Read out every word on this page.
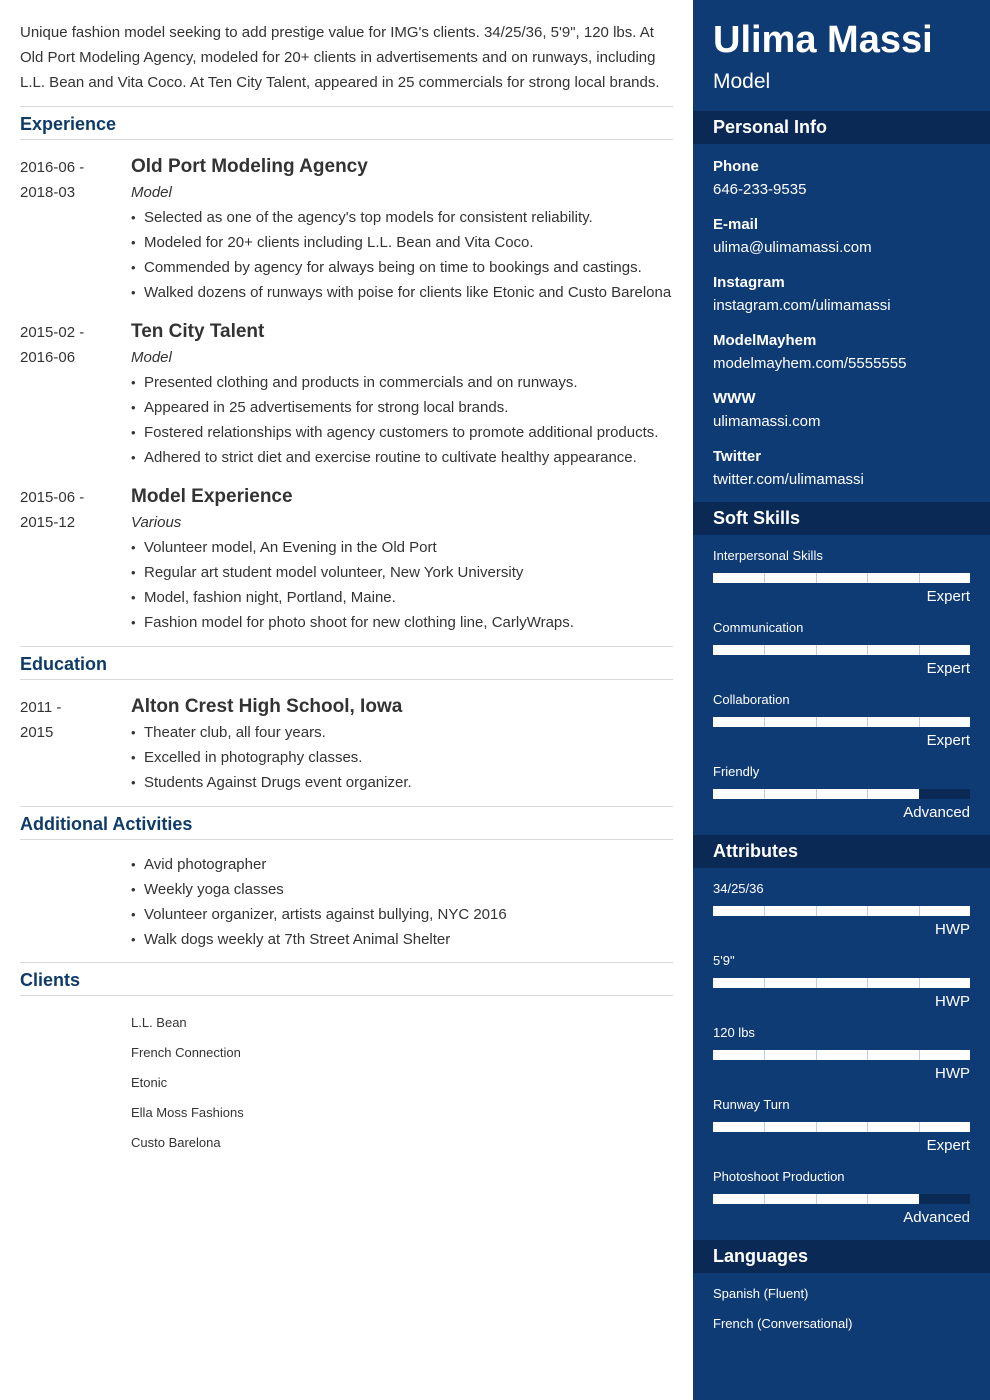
Unique fashion model seeking to add prestige value for IMG's clients. 34/25/36, 5'9", 120 lbs. At Old Port Modeling Agency, modeled for 20+ clients in advertisements and on runways, including L.L. Bean and Vita Coco. At Ten City Talent, appeared in 25 commercials for strong local brands.

Experience
2016-06 -
2018-03
Old Port Modeling Agency
Model
• Selected as one of the agency's top models for consistent reliability.
• Modeled for 20+ clients including L.L. Bean and Vita Coco.
• Commended by agency for always being on time to bookings and castings.
• Walked dozens of runways with poise for clients like Etonic and Custo Barelona
2015-02 -
2016-06
Ten City Talent
Model
• Presented clothing and products in commercials and on runways.
• Appeared in 25 advertisements for strong local brands.
• Fostered relationships with agency customers to promote additional products.
• Adhered to strict diet and exercise routine to cultivate healthy appearance.
2015-06 -
2015-12
Model Experience
Various
• Volunteer model, An Evening in the Old Port
• Regular art student model volunteer, New York University
• Model, fashion night, Portland, Maine.
• Fashion model for photo shoot for new clothing line, CarlyWraps.
Education
2011 -
2015
Alton Crest High School, Iowa
• Theater club, all four years.
• Excelled in photography classes.
• Students Against Drugs event organizer.
Additional Activities
• Avid photographer
• Weekly yoga classes
• Volunteer organizer, artists against bullying, NYC 2016
• Walk dogs weekly at 7th Street Animal Shelter
Clients
L.L. Bean
French Connection
Etonic
Ella Moss Fashions
Custo Barelona
Ulima Massi
Model
Personal Info
Phone
646-233-9535
E-mail
ulima@ulimamassi.com
Instagram
instagram.com/ulimamassi
ModelMayhem
modelmayhem.com/5555555
WWW
ulimamassi.com
Twitter
twitter.com/ulimamassi
Soft Skills
Interpersonal Skills
Expert
Communication
Expert
Collaboration
Expert
Friendly
Advanced
Attributes
34/25/36
HWP
5'9"
HWP
120 lbs
HWP
Runway Turn
Expert
Photoshoot Production
Advanced
Languages
Spanish (Fluent)
French (Conversational)
